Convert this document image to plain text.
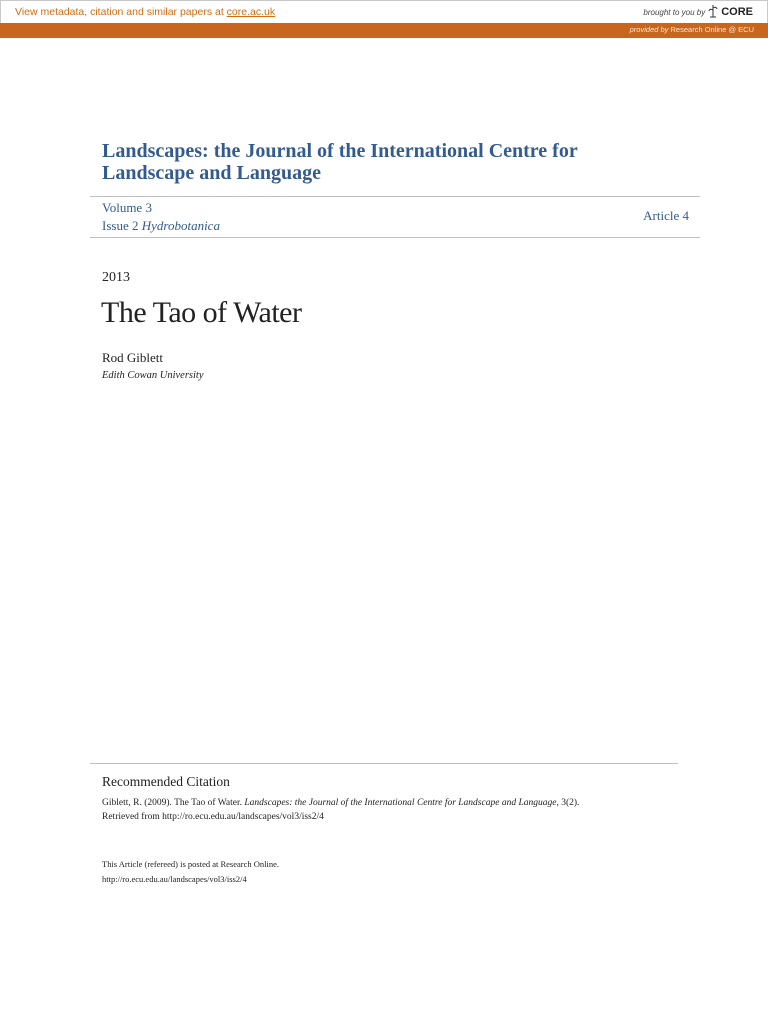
View metadata, citation and similar papers at core.ac.uk	brought to you by CORE
provided by Research Online @ ECU
Landscapes: the Journal of the International Centre for Landscape and Language
Volume 3
Issue 2 Hydrobotanica
Article 4
2013
The Tao of Water
Rod Giblett
Edith Cowan University
Recommended Citation
Giblett, R. (2009). The Tao of Water. Landscapes: the Journal of the International Centre for Landscape and Language, 3(2).
Retrieved from http://ro.ecu.edu.au/landscapes/vol3/iss2/4
This Article (refereed) is posted at Research Online.
http://ro.ecu.edu.au/landscapes/vol3/iss2/4
